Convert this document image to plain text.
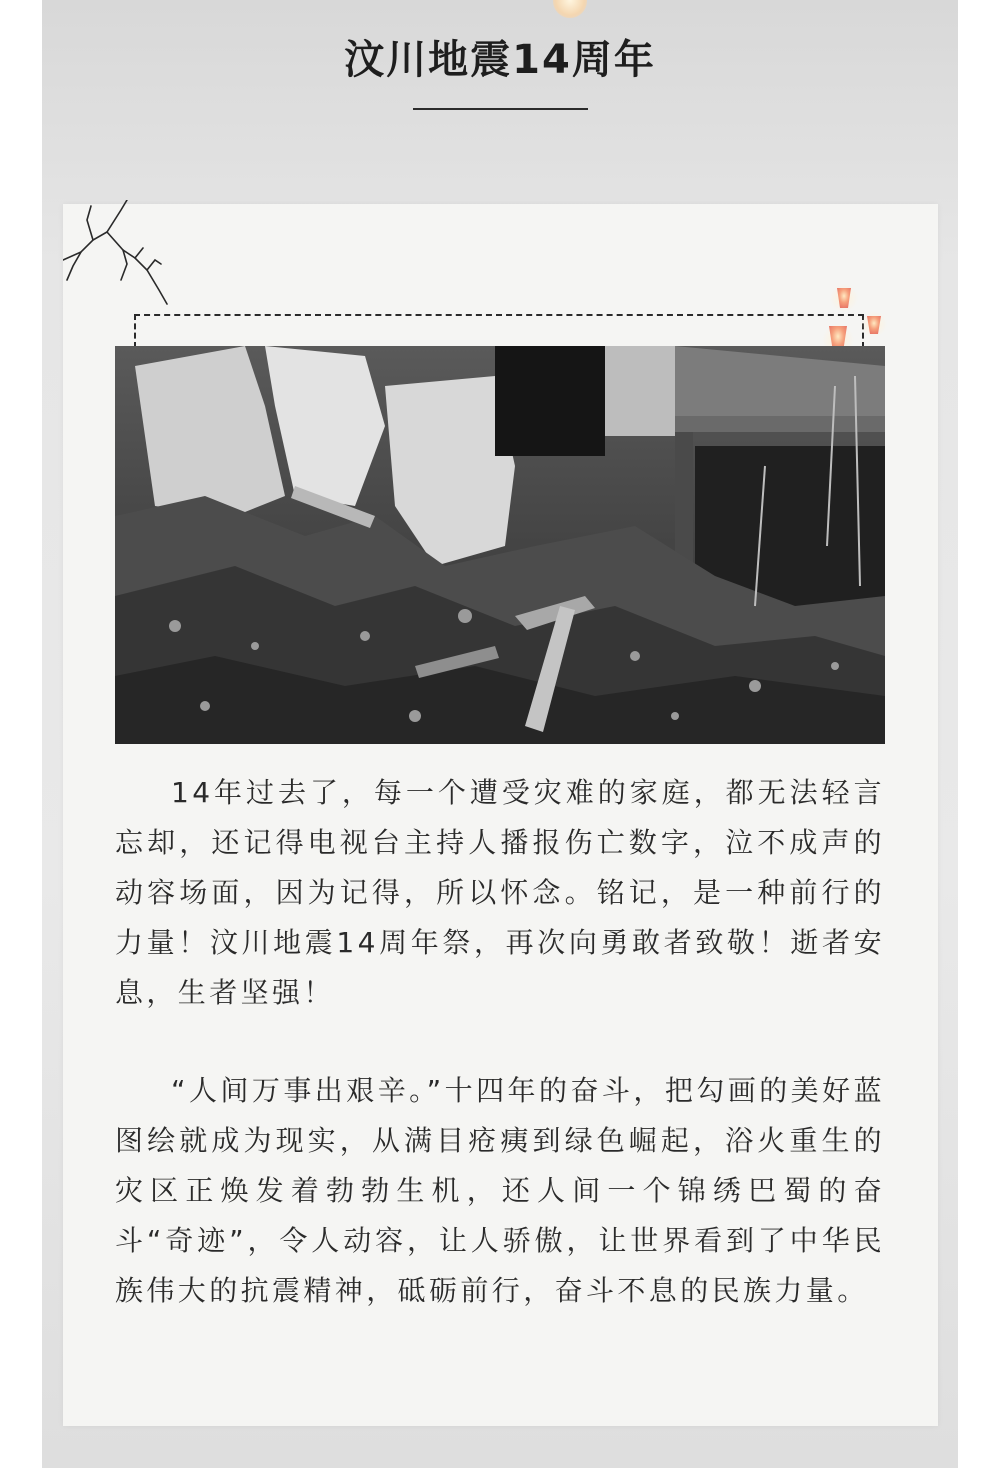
汶川地震14周年

14年过去了，每一个遭受灾难的家庭，都无法轻言忘却，还记得电视台主持人播报伤亡数字，泣不成声的动容场面，因为记得，所以怀念。铭记，是一种前行的力量！汶川地震14周年祭，再次向勇敢者致敬！逝者安息，生者坚强！

“人间万事出艰辛。”十四年的奋斗，把勾画的美好蓝图绘就成为现实，从满目疮痍到绿色崛起，浴火重生的灾区正焕发着勃勃生机，还人间一个锦绣巴蜀的奋斗“奇迹”，令人动容，让人骄傲，让世界看到了中华民族伟大的抗震精神，砥砺前行，奋斗不息的民族力量。
